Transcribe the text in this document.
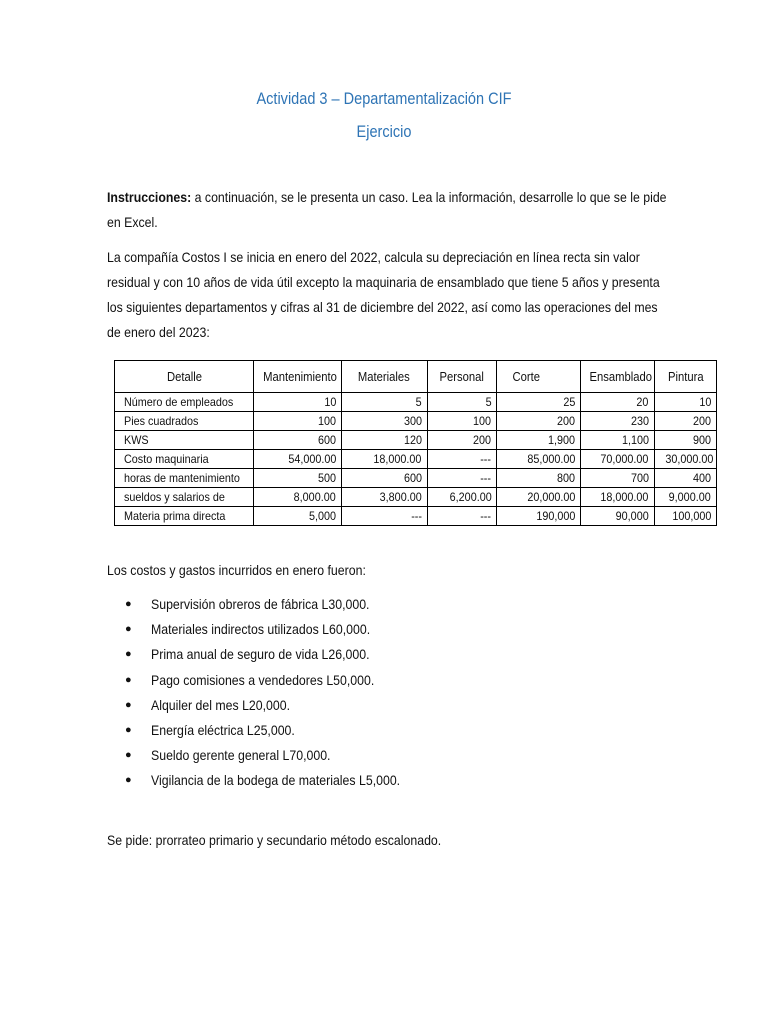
Actividad 3 – Departamentalización CIF
Ejercicio
Instrucciones: a continuación, se le presenta un caso. Lea la información, desarrolle lo que se le pide en Excel.
La compañía Costos I se inicia en enero del 2022, calcula su depreciación en línea recta sin valor residual y con 10 años de vida útil excepto la maquinaria de ensamblado que tiene 5 años y presenta los siguientes departamentos y cifras al 31 de diciembre del 2022, así como las operaciones del mes de enero del 2023:
Detalle	Mantenimiento	Materiales	Personal	Corte	Ensamblado	Pintura
Número de empleados	10	5	5	25	20	10
Pies cuadrados	100	300	100	200	230	200
KWS	600	120	200	1,900	1,100	900
Costo maquinaria	54,000.00	18,000.00	---	85,000.00	70,000.00	30,000.00
horas de mantenimiento	500	600	---	800	700	400
sueldos y salarios de	8,000.00	3,800.00	6,200.00	20,000.00	18,000.00	9,000.00
Materia prima directa	5,000	---	---	190,000	90,000	100,000
Los costos y gastos incurridos en enero fueron:
● Supervisión obreros de fábrica L30,000.
● Materiales indirectos utilizados L60,000.
● Prima anual de seguro de vida L26,000.
● Pago comisiones a vendedores L50,000.
● Alquiler del mes L20,000.
● Energía eléctrica L25,000.
● Sueldo gerente general L70,000.
● Vigilancia de la bodega de materiales L5,000.
Se pide: prorrateo primario y secundario método escalonado.
